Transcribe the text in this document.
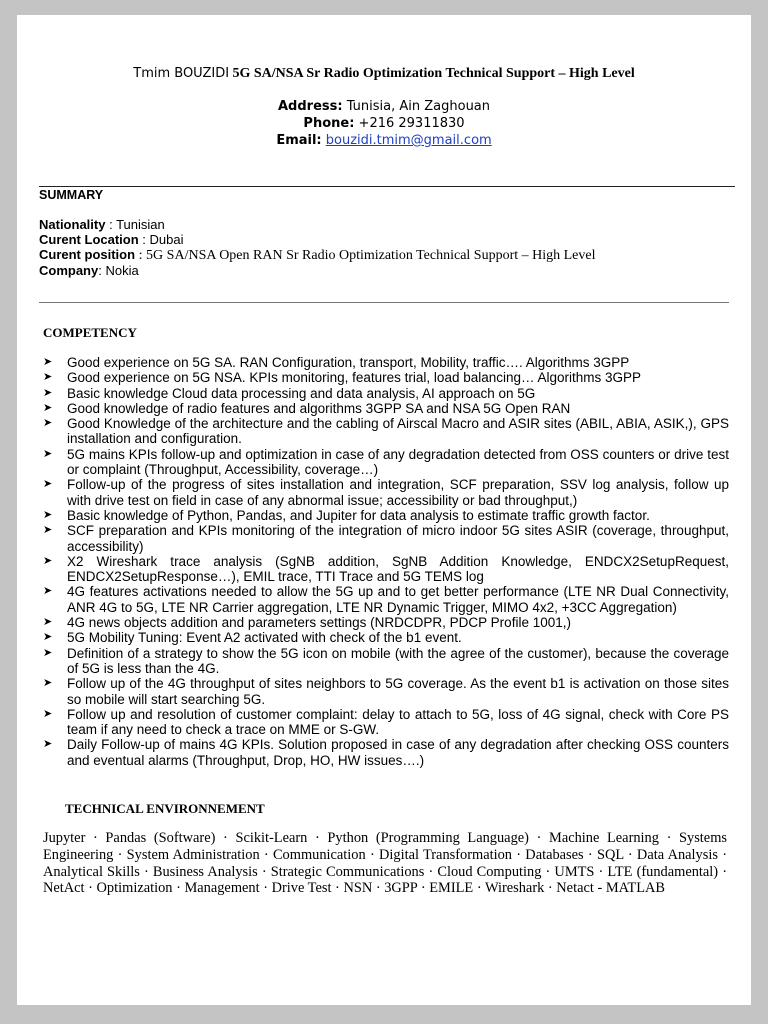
Tmim BOUZIDI 5G SA/NSA Sr Radio Optimization Technical Support – High Level
Address: Tunisia, Ain Zaghouan
Phone: +216 29311830
Email: bouzidi.tmim@gmail.com
SUMMARY
Nationality : Tunisian
Curent Location : Dubai
Curent position : 5G SA/NSA Open RAN Sr Radio Optimization Technical Support – High Level
Company: Nokia
COMPETENCY
➤ Good experience on 5G SA. RAN Configuration, transport, Mobility, traffic…. Algorithms 3GPP
➤ Good experience on 5G NSA. KPIs monitoring, features trial, load balancing… Algorithms 3GPP
➤ Basic knowledge Cloud data processing and data analysis, AI approach on 5G
➤ Good knowledge of radio features and algorithms 3GPP SA and NSA 5G Open RAN
➤ Good Knowledge of the architecture and the cabling of Airscal Macro and ASIR sites (ABIL, ABIA, ASIK,), GPS installation and configuration.
➤ 5G mains KPIs follow-up and optimization in case of any degradation detected from OSS counters or drive test or complaint (Throughput, Accessibility, coverage…)
➤ Follow-up of the progress of sites installation and integration, SCF preparation, SSV log analysis, follow up with drive test on field in case of any abnormal issue; accessibility or bad throughput,)
➤ Basic knowledge of Python, Pandas, and Jupiter for data analysis to estimate traffic growth factor.
➤ SCF preparation and KPIs monitoring of the integration of micro indoor 5G sites ASIR (coverage, throughput, accessibility)
➤ X2 Wireshark trace analysis (SgNB addition, SgNB Addition Knowledge, ENDCX2SetupRequest, ENDCX2SetupResponse…), EMIL trace, TTI Trace and 5G TEMS log
➤ 4G features activations needed to allow the 5G up and to get better performance (LTE NR Dual Connectivity, ANR 4G to 5G, LTE NR Carrier aggregation, LTE NR Dynamic Trigger, MIMO 4x2, +3CC Aggregation)
➤ 4G news objects addition and parameters settings (NRDCDPR, PDCP Profile 1001,)
➤ 5G Mobility Tuning: Event A2 activated with check of the b1 event.
➤ Definition of a strategy to show the 5G icon on mobile (with the agree of the customer), because the coverage of 5G is less than the 4G.
➤ Follow up of the 4G throughput of sites neighbors to 5G coverage. As the event b1 is activation on those sites so mobile will start searching 5G.
➤ Follow up and resolution of customer complaint: delay to attach to 5G, loss of 4G signal, check with Core PS team if any need to check a trace on MME or S-GW.
➤ Daily Follow-up of mains 4G KPIs. Solution proposed in case of any degradation after checking OSS counters and eventual alarms (Throughput, Drop, HO, HW issues….)
TECHNICAL ENVIRONNEMENT
Jupyter · Pandas (Software) · Scikit-Learn · Python (Programming Language) · Machine Learning · Systems Engineering · System Administration · Communication · Digital Transformation · Databases · SQL · Data Analysis · Analytical Skills · Business Analysis · Strategic Communications · Cloud Computing · UMTS · LTE (fundamental) · NetAct · Optimization · Management · Drive Test · NSN · 3GPP · EMILE · Wireshark · Netact - MATLAB
